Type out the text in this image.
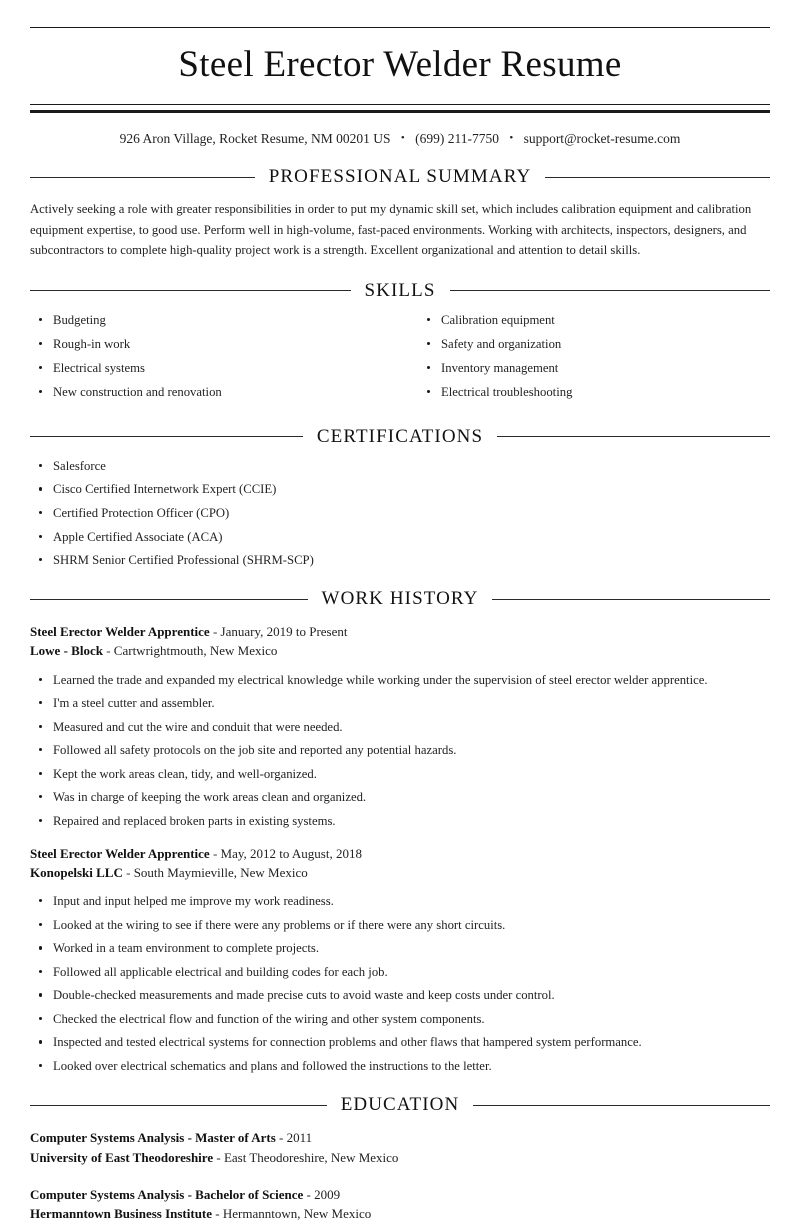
Steel Erector Welder Resume
926 Aron Village, Rocket Resume, NM 00201 US • (699) 211-7750 • support@rocket-resume.com
PROFESSIONAL SUMMARY

Actively seeking a role with greater responsibilities in order to put my dynamic skill set, which includes calibration equipment and calibration equipment expertise, to good use. Perform well in high-volume, fast-paced environments. Working with architects, inspectors, designers, and subcontractors to complete high-quality project work is a strength. Excellent organizational and attention to detail skills.

SKILLS
Budgeting
Rough-in work
Electrical systems
New construction and renovation
Calibration equipment
Safety and organization
Inventory management
Electrical troubleshooting
CERTIFICATIONS
Salesforce
Cisco Certified Internetwork Expert (CCIE)
Certified Protection Officer (CPO)
Apple Certified Associate (ACA)
SHRM Senior Certified Professional (SHRM-SCP)
WORK HISTORY
Steel Erector Welder Apprentice - January, 2019 to Present
Lowe - Block - Cartwrightmouth, New Mexico
Learned the trade and expanded my electrical knowledge while working under the supervision of steel erector welder apprentice.
I'm a steel cutter and assembler.
Measured and cut the wire and conduit that were needed.
Followed all safety protocols on the job site and reported any potential hazards.
Kept the work areas clean, tidy, and well-organized.
Was in charge of keeping the work areas clean and organized.
Repaired and replaced broken parts in existing systems.
Steel Erector Welder Apprentice - May, 2012 to August, 2018
Konopelski LLC - South Maymieville, New Mexico
Input and input helped me improve my work readiness.
Looked at the wiring to see if there were any problems or if there were any short circuits.
Worked in a team environment to complete projects.
Followed all applicable electrical and building codes for each job.
Double-checked measurements and made precise cuts to avoid waste and keep costs under control.
Checked the electrical flow and function of the wiring and other system components.
Inspected and tested electrical systems for connection problems and other flaws that hampered system performance.
Looked over electrical schematics and plans and followed the instructions to the letter.
EDUCATION
Computer Systems Analysis - Master of Arts - 2011
University of East Theodoreshire - East Theodoreshire, New Mexico
Computer Systems Analysis - Bachelor of Science - 2009
Hermanntown Business Institute - Hermanntown, New Mexico
